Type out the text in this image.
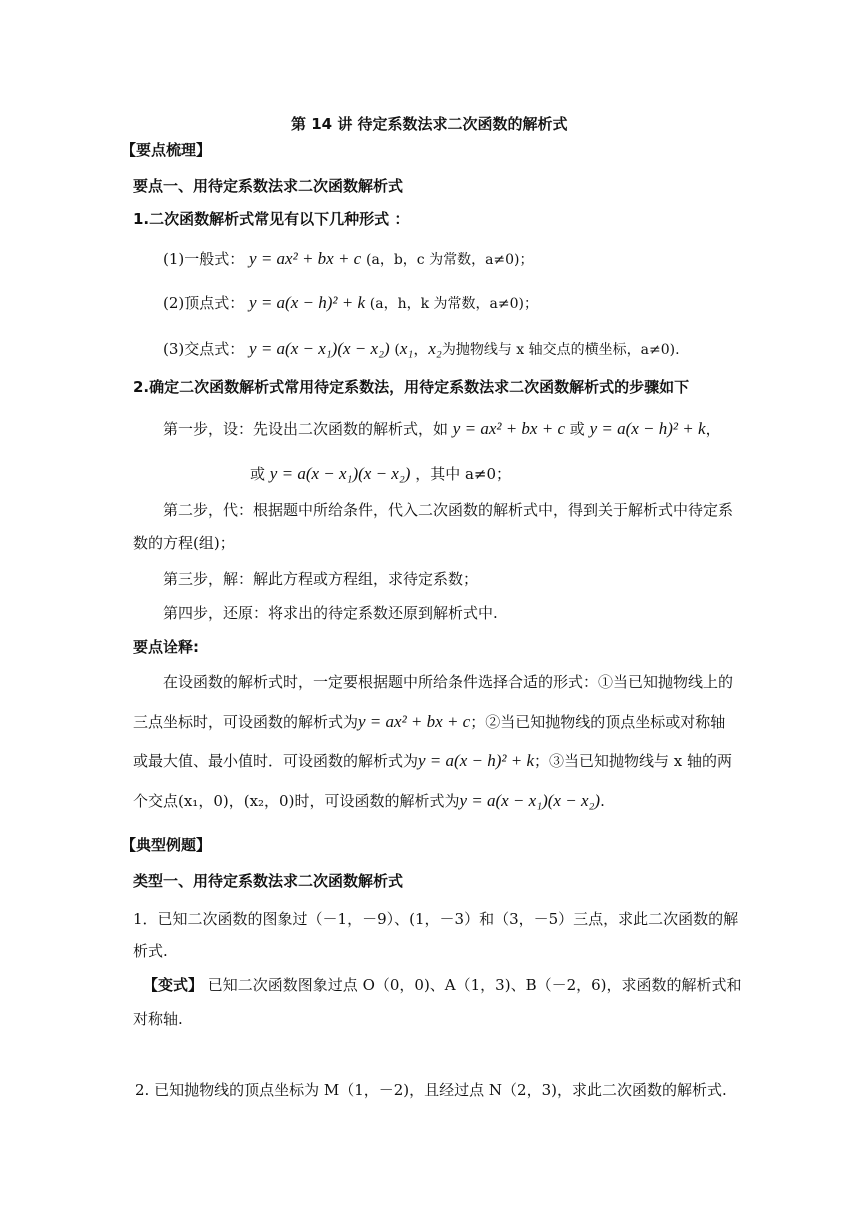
第 14 讲 待定系数法求二次函数的解析式
【要点梳理】
要点一、用待定系数法求二次函数解析式
1.二次函数解析式常见有以下几种形式 ：
(1)一般式： y = ax² + bx + c (a，b，c 为常数，a≠0)；
(2)顶点式： y = a(x − h)² + k (a，h，k 为常数，a≠0)；
(3)交点式： y = a(x − x₁)(x − x₂) (x₁，x₂为抛物线与 x 轴交点的横坐标，a≠0).
2.确定二次函数解析式常用待定系数法，用待定系数法求二次函数解析式的步骤如下
第一步，设：先设出二次函数的解析式，如 y = ax² + bx + c 或 y = a(x − h)² + k，
或 y = a(x − x₁)(x − x₂) ，其中 a≠0；
第二步，代：根据题中所给条件，代入二次函数的解析式中，得到关于解析式中待定系
数的方程(组)；
第三步，解：解此方程或方程组，求待定系数；
第四步，还原：将求出的待定系数还原到解析式中.
要点诠释:
在设函数的解析式时，一定要根据题中所给条件选择合适的形式：①当已知抛物线上的
三点坐标时，可设函数的解析式为y = ax² + bx + c；②当已知抛物线的顶点坐标或对称轴
或最大值、最小值时．可设函数的解析式为y = a(x − h)² + k；③当已知抛物线与 x 轴的两
个交点(x₁，0)，(x₂，0)时，可设函数的解析式为y = a(x − x₁)(x − x₂).
【典型例题】
类型一、用待定系数法求二次函数解析式
1．已知二次函数的图象过（－1，－9）、(1，－3）和（3，－5）三点，求此二次函数的解
析式.
【变式】 已知二次函数图象过点 O（0，0)、A（1，3)、B（－2，6)，求函数的解析式和
对称轴.
2. 已知抛物线的顶点坐标为 M（1，－2)，且经过点 N（2，3)，求此二次函数的解析式.
